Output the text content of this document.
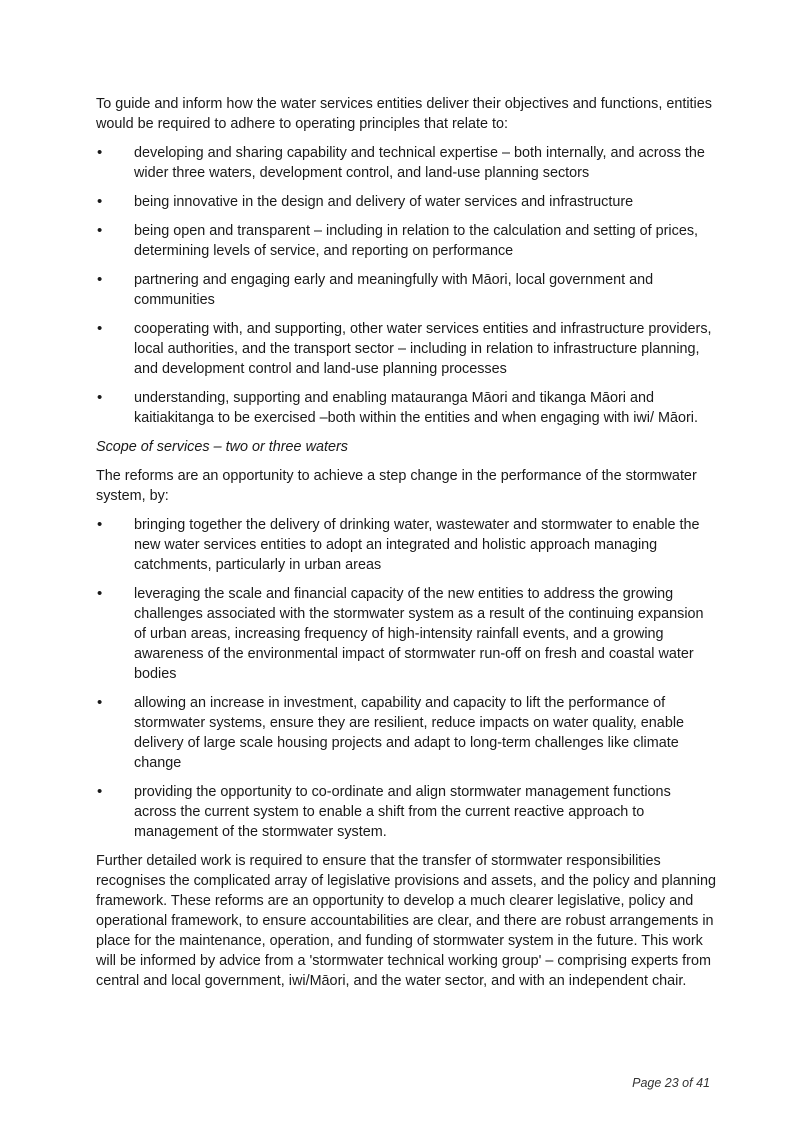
To guide and inform how the water services entities deliver their objectives and functions, entities would be required to adhere to operating principles that relate to:

• developing and sharing capability and technical expertise – both internally, and across the wider three waters, development control, and land-use planning sectors
• being innovative in the design and delivery of water services and infrastructure
• being open and transparent – including in relation to the calculation and setting of prices, determining levels of service, and reporting on performance
• partnering and engaging early and meaningfully with Māori, local government and communities
• cooperating with, and supporting, other water services entities and infrastructure providers, local authorities, and the transport sector – including in relation to infrastructure planning, and development control and land-use planning processes
• understanding, supporting and enabling matauranga Māori and tikanga Māori and kaitiakitanga to be exercised –both within the entities and when engaging with iwi/ Māori.

Scope of services – two or three waters

The reforms are an opportunity to achieve a step change in the performance of the stormwater system, by:

• bringing together the delivery of drinking water, wastewater and stormwater to enable the new water services entities to adopt an integrated and holistic approach managing catchments, particularly in urban areas
• leveraging the scale and financial capacity of the new entities to address the growing challenges associated with the stormwater system as a result of the continuing expansion of urban areas, increasing frequency of high-intensity rainfall events, and a growing awareness of the environmental impact of stormwater run-off on fresh and coastal water bodies
• allowing an increase in investment, capability and capacity to lift the performance of stormwater systems, ensure they are resilient, reduce impacts on water quality, enable delivery of large scale housing projects and adapt to long-term challenges like climate change
• providing the opportunity to co-ordinate and align stormwater management functions across the current system to enable a shift from the current reactive approach to management of the stormwater system.

Further detailed work is required to ensure that the transfer of stormwater responsibilities recognises the complicated array of legislative provisions and assets, and the policy and planning framework. These reforms are an opportunity to develop a much clearer legislative, policy and operational framework, to ensure accountabilities are clear, and there are robust arrangements in place for the maintenance, operation, and funding of stormwater system in the future. This work will be informed by advice from a 'stormwater technical working group' – comprising experts from central and local government, iwi/Māori, and the water sector, and with an independent chair.

Page 23 of 41
